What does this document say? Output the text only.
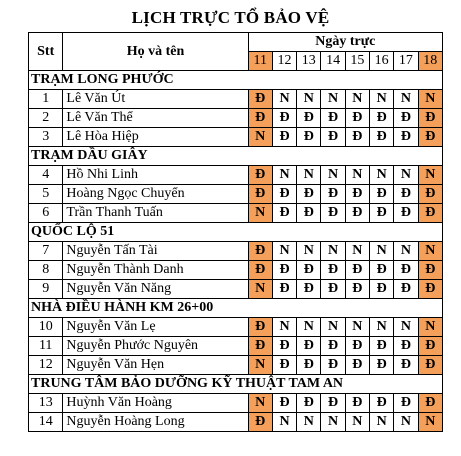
LỊCH TRỰC TỔ BẢO VỆ
Stt	Họ và tên	Ngày trực							
		11	12	13	14	15	16	17	18
TRẠM LONG PHƯỚC									
1	Lê Văn Út	Đ	N	N	N	N	N	N	N
2	Lê Văn Thể	Đ	Đ	Đ	Đ	Đ	Đ	Đ	Đ
3	Lê Hòa Hiệp	N	Đ	Đ	Đ	Đ	Đ	Đ	Đ
TRẠM DẦU GIÂY									
4	Hồ Nhi Linh	Đ	N	N	N	N	N	N	N
5	Hoàng Ngọc Chuyển	Đ	Đ	Đ	Đ	Đ	Đ	Đ	Đ
6	Trần Thanh Tuấn	N	Đ	Đ	Đ	Đ	Đ	Đ	Đ
QUỐC LỘ 51									
7	Nguyễn Tấn Tài	Đ	N	N	N	N	N	N	N
8	Nguyễn Thành Danh	Đ	Đ	Đ	Đ	Đ	Đ	Đ	Đ
9	Nguyễn Văn Năng	N	Đ	Đ	Đ	Đ	Đ	Đ	Đ
NHÀ ĐIỀU HÀNH KM 26+00									
10	Nguyễn Văn Lẹ	Đ	N	N	N	N	N	N	N
11	Nguyễn Phước Nguyên	Đ	Đ	Đ	Đ	Đ	Đ	Đ	Đ
12	Nguyễn Văn Hẹn	N	Đ	Đ	Đ	Đ	Đ	Đ	Đ
TRUNG TÂM BẢO DƯỠNG KỸ THUẬT TAM AN									
13	Huỳnh Văn Hoàng	N	Đ	Đ	Đ	Đ	Đ	Đ	Đ
14	Nguyễn Hoàng Long	Đ	N	N	N	N	N	N	N
